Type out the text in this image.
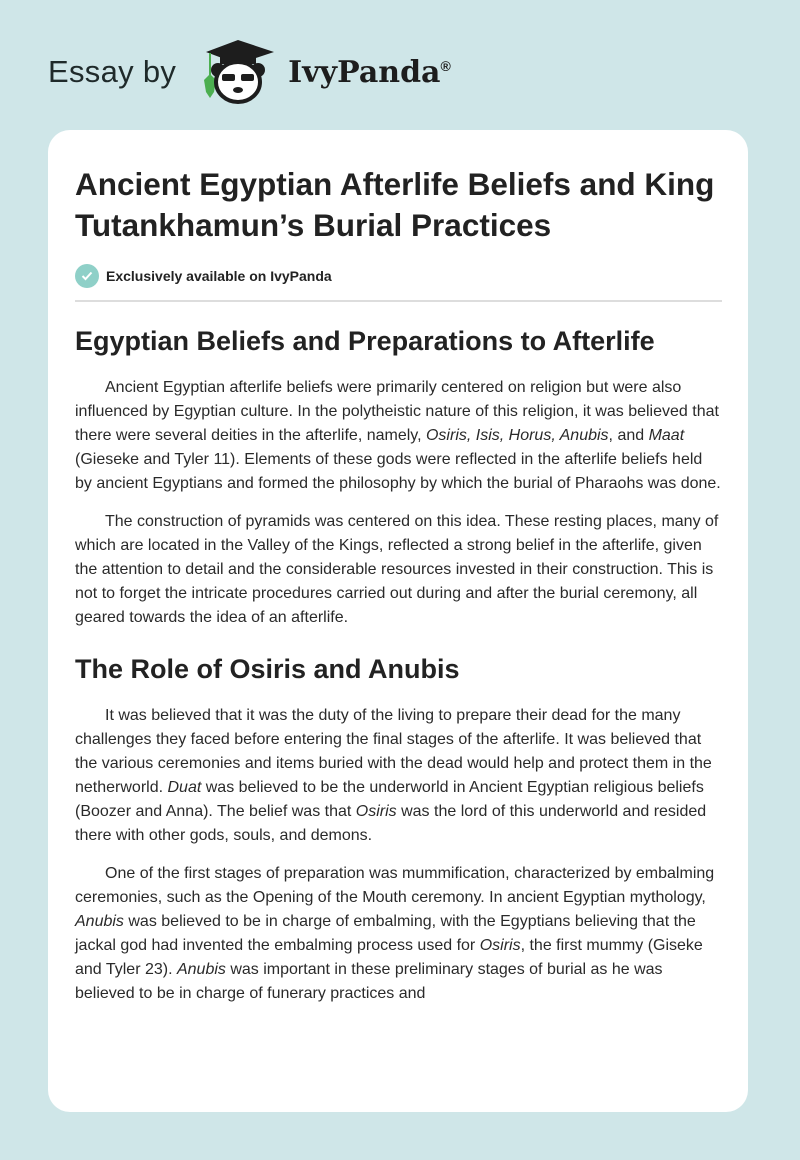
Essay by	IvyPanda®
Ancient Egyptian Afterlife Beliefs and King Tutankhamun’s Burial Practices
Exclusively available on IvyPanda
Egyptian Beliefs and Preparations to Afterlife

Ancient Egyptian afterlife beliefs were primarily centered on religion but were also influenced by Egyptian culture. In the polytheistic nature of this religion, it was believed that there were several deities in the afterlife, namely, Osiris, Isis, Horus, Anubis, and Maat (Gieseke and Tyler 11). Elements of these gods were reflected in the afterlife beliefs held by ancient Egyptians and formed the philosophy by which the burial of Pharaohs was done.

The construction of pyramids was centered on this idea. These resting places, many of which are located in the Valley of the Kings, reflected a strong belief in the afterlife, given the attention to detail and the considerable resources invested in their construction. This is not to forget the intricate procedures carried out during and after the burial ceremony, all geared towards the idea of an afterlife.

The Role of Osiris and Anubis

It was believed that it was the duty of the living to prepare their dead for the many challenges they faced before entering the final stages of the afterlife. It was believed that the various ceremonies and items buried with the dead would help and protect them in the netherworld. Duat was believed to be the underworld in Ancient Egyptian religious beliefs (Boozer and Anna). The belief was that Osiris was the lord of this underworld and resided there with other gods, souls, and demons.

One of the first stages of preparation was mummification, characterized by embalming ceremonies, such as the Opening of the Mouth ceremony. In ancient Egyptian mythology, Anubis was believed to be in charge of embalming, with the Egyptians believing that the jackal god had invented the embalming process used for Osiris, the first mummy (Giseke and Tyler 23). Anubis was important in these preliminary stages of burial as he was believed to be in charge of funerary practices and
